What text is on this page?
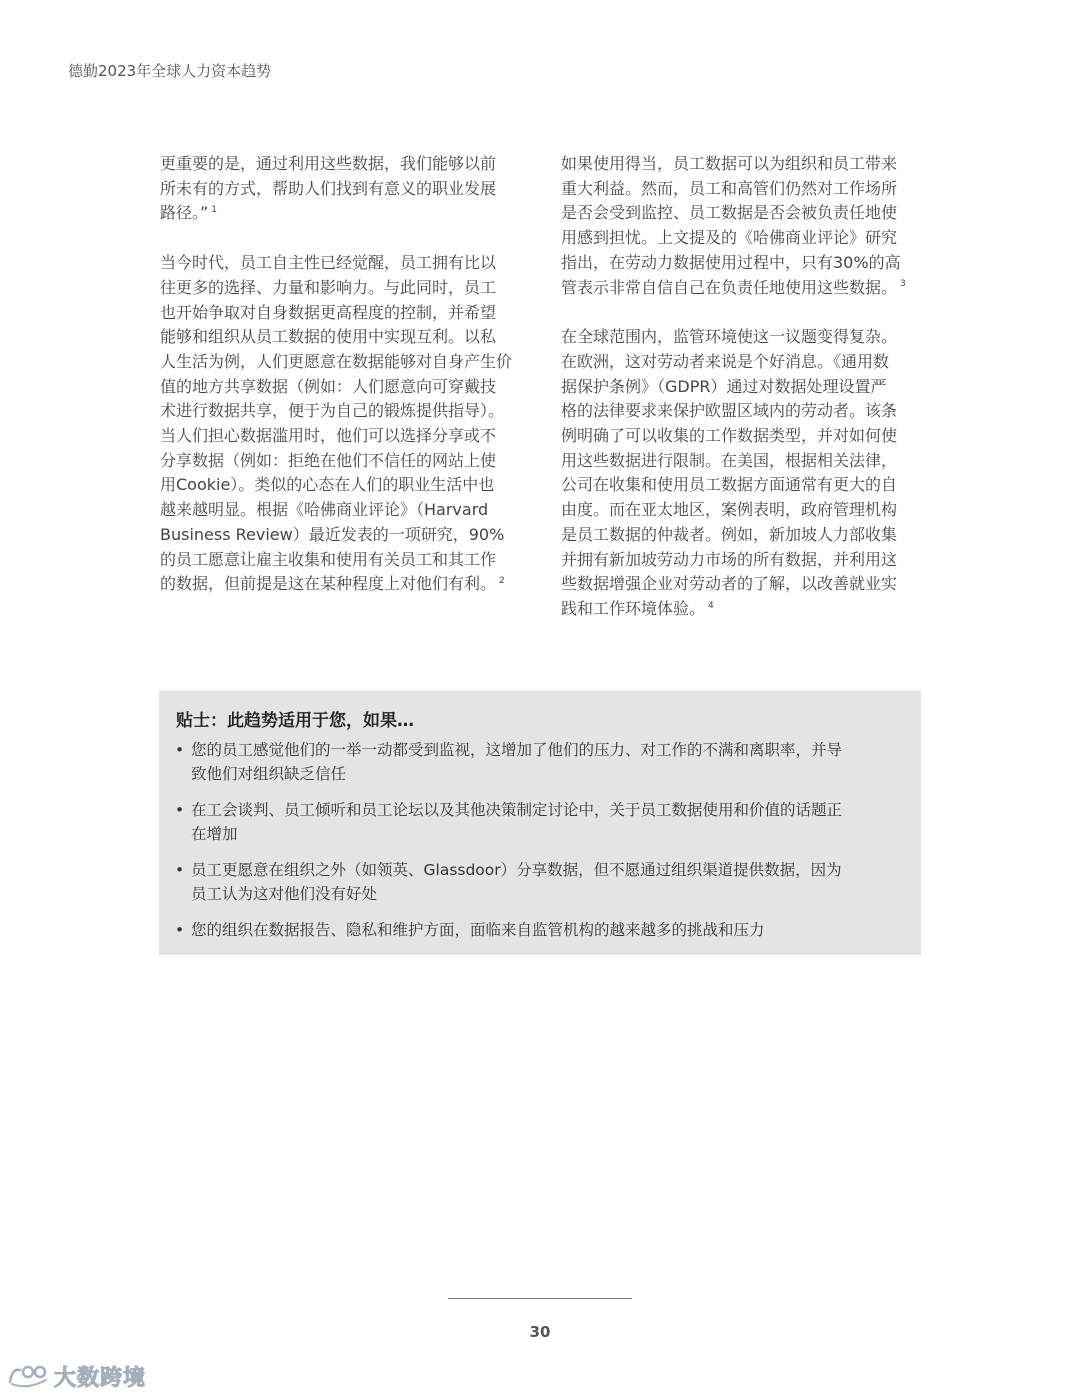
德勤2023年全球人力资本趋势

更重要的是，通过利用这些数据，我们能够以前
所未有的方式，帮助人们找到有意义的职业发展
路径。” $^1$

当今时代，员工自主性已经觉醒，员工拥有比以
往更多的选择、力量和影响力。与此同时，员工
也开始争取对自身数据更高程度的控制，并希望
能够和组织从员工数据的使用中实现互利。以私
人生活为例，人们更愿意在数据能够对自身产生价
值的地方共享数据（例如：人们愿意向可穿戴技
术进行数据共享，便于为自己的锻炼提供指导）。
当人们担心数据滥用时，他们可以选择分享或不
分享数据（例如：拒绝在他们不信任的网站上使
用Cookie）。类似的心态在人们的职业生活中也
越来越明显。根据《哈佛商业评论》（Harvard
Business Review）最近发表的一项研究，90%
的员工愿意让雇主收集和使用有关员工和其工作
的数据，但前提是这在某种程度上对他们有利。 $^2$

如果使用得当，员工数据可以为组织和员工带来
重大利益。然而，员工和高管们仍然对工作场所
是否会受到监控、员工数据是否会被负责任地使
用感到担忧。上文提及的《哈佛商业评论》研究
指出，在劳动力数据使用过程中，只有30%的高
管表示非常自信自己在负责任地使用这些数据。 $^3$

在全球范围内，监管环境使这一议题变得复杂。
在欧洲，这对劳动者来说是个好消息。《通用数
据保护条例》（GDPR）通过对数据处理设置严
格的法律要求来保护欧盟区域内的劳动者。该条
例明确了可以收集的工作数据类型，并对如何使
用这些数据进行限制。在美国，根据相关法律，
公司在收集和使用员工数据方面通常有更大的自
由度。而在亚太地区，案例表明，政府管理机构
是员工数据的仲裁者。例如，新加坡人力部收集
并拥有新加坡劳动力市场的所有数据，并利用这
些数据增强企业对劳动者的了解，以改善就业实
践和工作环境体验。 $^4$

贴士：此趋势适用于您，如果…
• 您的员工感觉他们的一举一动都受到监视，这增加了他们的压力、对工作的不满和离职率，并导
致他们对组织缺乏信任
• 在工会谈判、员工倾听和员工论坛以及其他决策制定讨论中，关于员工数据使用和价值的话题正
在增加
• 员工更愿意在组织之外（如领英、Glassdoor）分享数据，但不愿通过组织渠道提供数据，因为
员工认为这对他们没有好处
• 您的组织在数据报告、隐私和维护方面，面临来自监管机构的越来越多的挑战和压力
30
大数跨境
